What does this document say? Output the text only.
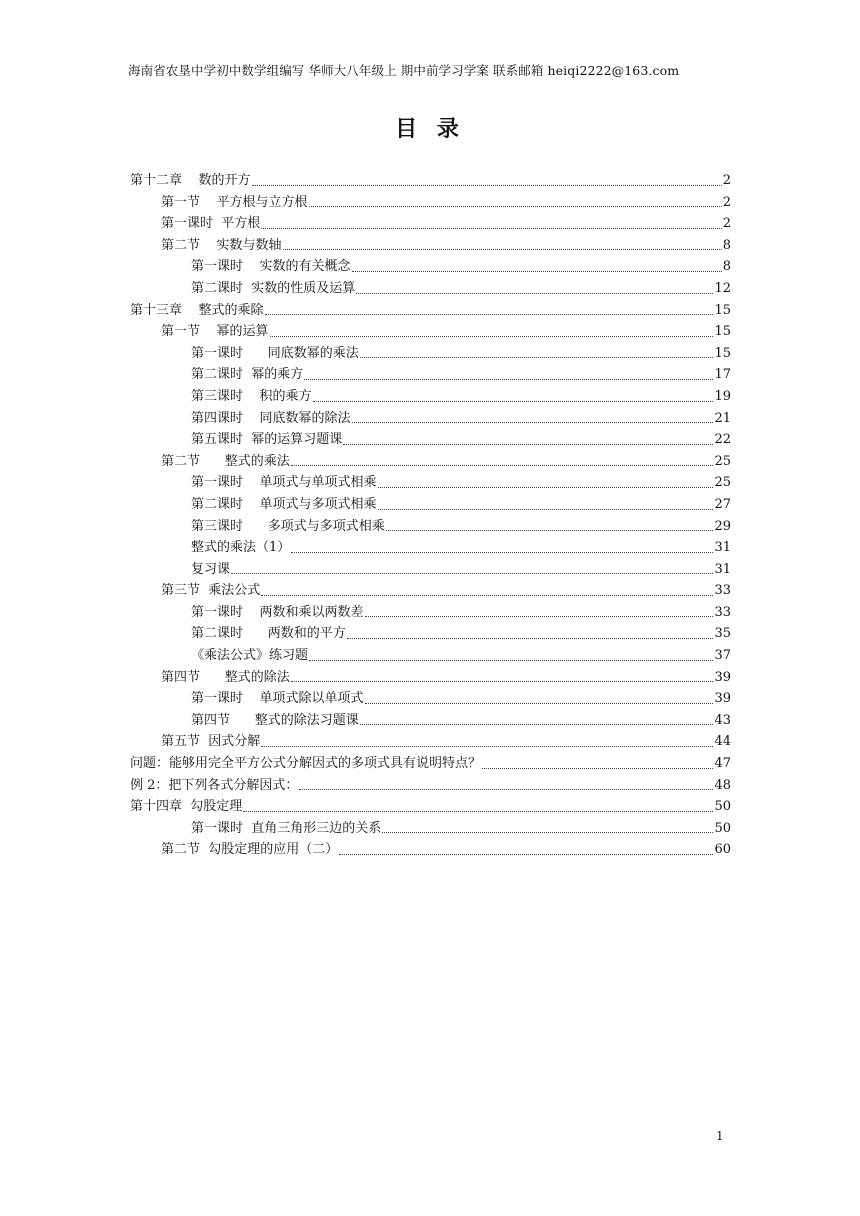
海南省农垦中学初中数学组编写 华师大八年级上 期中前学习学案 联系邮箱 heiqi2222@163.com
目 录
第十二章    数的开方	2
第一节    平方根与立方根	2
第一课时  平方根	2
第二节    实数与数轴	8
第一课时    实数的有关概念	8
第二课时  实数的性质及运算	12
第十三章    整式的乘除	15
第一节    幂的运算	15
第一课时      同底数幂的乘法	15
第二课时  幂的乘方	17
第三课时    积的乘方	19
第四课时    同底数幂的除法	21
第五课时  幂的运算习题课	22
第二节      整式的乘法	25
第一课时    单项式与单项式相乘	25
第二课时    单项式与多项式相乘	27
第三课时      多项式与多项式相乘	29
整式的乘法（1）	31
复习课	31
第三节  乘法公式	33
第一课时    两数和乘以两数差	33
第二课时      两数和的平方	35
《乘法公式》练习题	37
第四节      整式的除法	39
第一课时    单项式除以单项式	39
第四节      整式的除法习题课	43
第五节  因式分解	44
问题：能够用完全平方公式分解因式的多项式具有说明特点？	47
例 2：把下列各式分解因式：	48
第十四章  勾股定理	50
第一课时  直角三角形三边的关系	50
第二节  勾股定理的应用（二）	60
1
